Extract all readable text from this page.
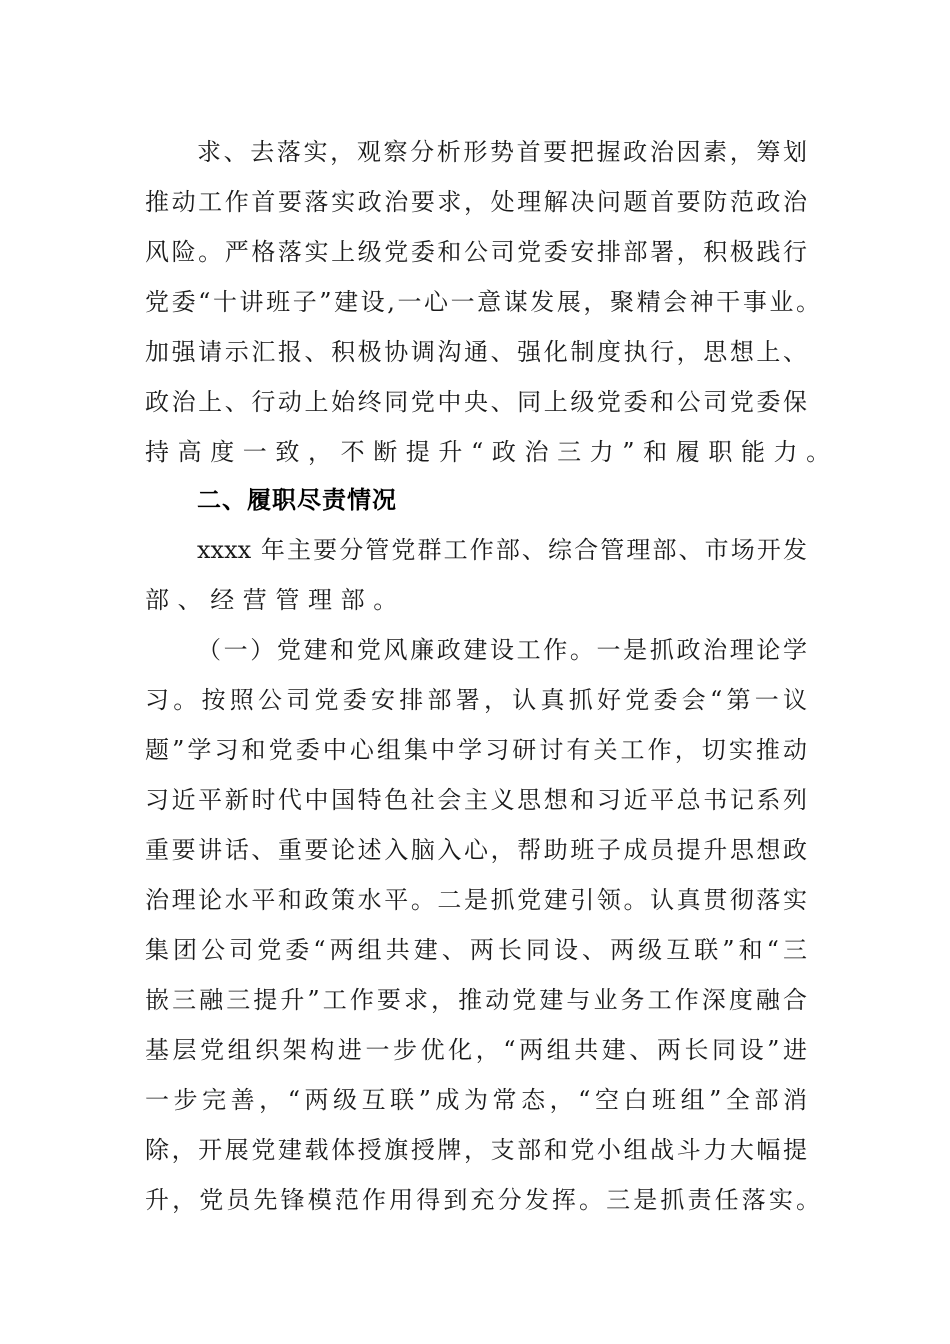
求、去落实，观察分析形势首要把握政治因素，筹划
推动工作首要落实政治要求，处理解决问题首要防范政治
风险。严格落实上级党委和公司党委安排部署，积极践行
党委“十讲班子”建设,一心一意谋发展，聚精会神干事业。
加强请示汇报、积极协调沟通、强化制度执行，思想上、
政治上、行动上始终同党中央、同上级党委和公司党委保
持高度一致，不断提升“政治三力”和履职能力。
二、履职尽责情况
xxxx 年主要分管党群工作部、综合管理部、市场开发
部、经营管理部。
（一）党建和党风廉政建设工作。一是抓政治理论学
习。按照公司党委安排部署，认真抓好党委会“第一议
题”学习和党委中心组集中学习研讨有关工作，切实推动
习近平新时代中国特色社会主义思想和习近平总书记系列
重要讲话、重要论述入脑入心，帮助班子成员提升思想政
治理论水平和政策水平。二是抓党建引领。认真贯彻落实
集团公司党委“两组共建、两长同设、两级互联”和“三
嵌三融三提升”工作要求，推动党建与业务工作深度融合
基层党组织架构进一步优化，“两组共建、两长同设”进
一步完善，“两级互联”成为常态，“空白班组”全部消
除，开展党建载体授旗授牌，支部和党小组战斗力大幅提
升，党员先锋模范作用得到充分发挥。三是抓责任落实。
